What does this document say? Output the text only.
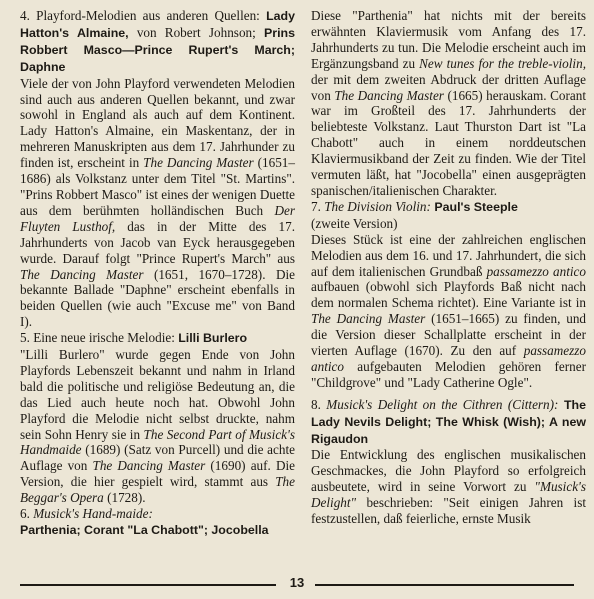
4. Playford-Melodien aus anderen Quellen: Lady Hatton's Almaine, von Robert Johnson; Prins Robbert Masco—Prince Rupert's March; Daphne

Viele der von John Playford verwendeten Melodien sind auch aus anderen Quellen bekannt, und zwar sowohl in England als auch auf dem Kontinent. Lady Hatton's Almaine, ein Maskentanz, der in mehreren Manuskripten aus dem 17. Jahrhunder zu finden ist, erscheint in The Dancing Master (1651–1686) als Volkstanz unter dem Titel "St. Martins". "Prins Robbert Masco" ist eines der wenigen Duette aus dem berühmten holländischen Buch Der Fluyten Lusthof, das in der Mitte des 17. Jahrhunderts von Jacob van Eyck herausgegeben wurde. Darauf folgt "Prince Rupert's March" aus The Dancing Master (1651, 1670–1728). Die bekannte Ballade "Daphne" erscheint ebenfalls in beiden Quellen (wie auch "Excuse me" von Band I).

5. Eine neue irische Melodie: Lilli Burlero

"Lilli Burlero" wurde gegen Ende von John Playfords Lebenszeit bekannt und nahm in Irland bald die politische und religiöse Bedeutung an, die das Lied auch heute noch hat. Obwohl John Playford die Melodie nicht selbst druckte, nahm sein Sohn Henry sie in The Second Part of Musick's Handmaide (1689) (Satz von Purcell) und die achte Auflage von The Dancing Master (1690) auf. Die Version, die hier gespielt wird, stammt aus The Beggar's Opera (1728).

6. Musick's Hand-maide:
Parthenia; Corant "La Chabott"; Jocobella

Diese "Parthenia" hat nichts mit der bereits erwähnten Klaviermusik vom Anfang des 17. Jahrhunderts zu tun. Die Melodie erscheint auch im Ergänzungsband zu New tunes for the treble-violin, der mit dem zweiten Abdruck der dritten Auflage von The Dancing Master (1665) herauskam. Corant war im Großteil des 17. Jahrhunderts der beliebteste Volkstanz. Laut Thurston Dart ist "La Chabott" auch in einem norddeutschen Klaviermusikband der Zeit zu finden. Wie der Titel vermuten läßt, hat "Jocobella" einen ausgeprägten spanischen/italienischen Charakter.

7. The Division Violin: Paul's Steeple
(zweite Version)

Dieses Stück ist eine der zahlreichen englischen Melodien aus dem 16. und 17. Jahrhundert, die sich auf dem italienischen Grundbaß passamezzo antico aufbauen (obwohl sich Playfords Baß nicht nach dem normalen Schema richtet). Eine Variante ist in The Dancing Master (1651–1665) zu finden, und die Version dieser Schallplatte erscheint in der vierten Auflage (1670). Zu den auf passamezzo antico aufgebauten Melodien gehören ferner "Childgrove" und "Lady Catherine Ogle".

8. Musick's Delight on the Cithren (Cittern): The Lady Nevils Delight; The Whisk (Wish); A new Rigaudon

Die Entwicklung des englischen musikalischen Geschmackes, die John Playford so erfolgreich ausbeutete, wird in seine Vorwort zu "Musick's Delight" beschrieben: "Seit einigen Jahren ist festzustellen, daß feierliche, ernste Musik

13
